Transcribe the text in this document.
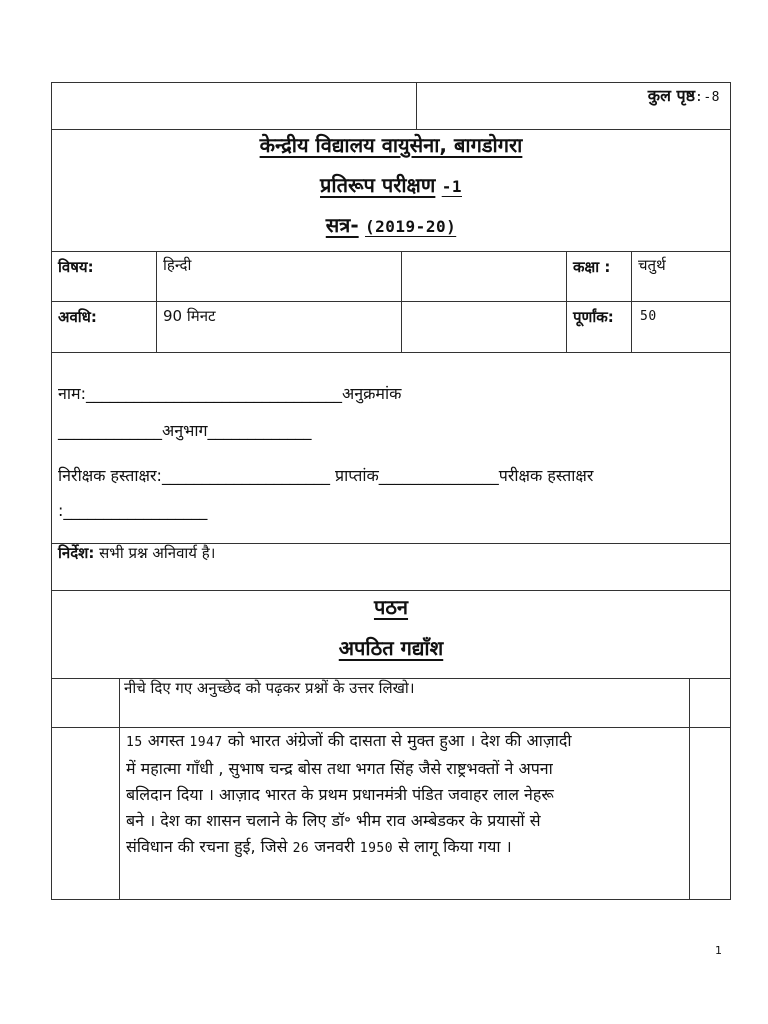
कुल पृष्ठ:-8
केन्द्रीय विद्यालय वायुसेना, बागडोगरा
प्रतिरूप परीक्षण -1
सत्र- (2019-20)
विषय:	हिन्दी	कक्षा : चतुर्थ
अवधि:	90 मिनट	पूर्णांक: 50
नाम:________________________________अनुक्रमांक
_____________अनुभाग_____________
निरीक्षक हस्ताक्षर:_____________________ प्राप्तांक_______________परीक्षक हस्ताक्षर
:__________________
निर्देश: सभी प्रश्न अनिवार्य है।
पठन
अपठित गद्याँश
नीचे दिए गए अनुच्छेद को पढ़कर प्रश्नों के उत्तर लिखो।
15 अगस्त 1947 को भारत अंग्रेजों की दासता से मुक्त हुआ । देश की आज़ादी
में महात्मा गाँधी , सुभाष चन्द्र बोस तथा भगत सिंह जैसे राष्ट्रभक्तों ने अपना
बलिदान दिया । आज़ाद भारत के प्रथम प्रधानमंत्री पंडित जवाहर लाल नेहरू
बने । देश का शासन चलाने के लिए डॉ॰ भीम राव अम्बेडकर के प्रयासों से
संविधान की रचना हुई, जिसे 26 जनवरी 1950 से लागू किया गया ।
1
